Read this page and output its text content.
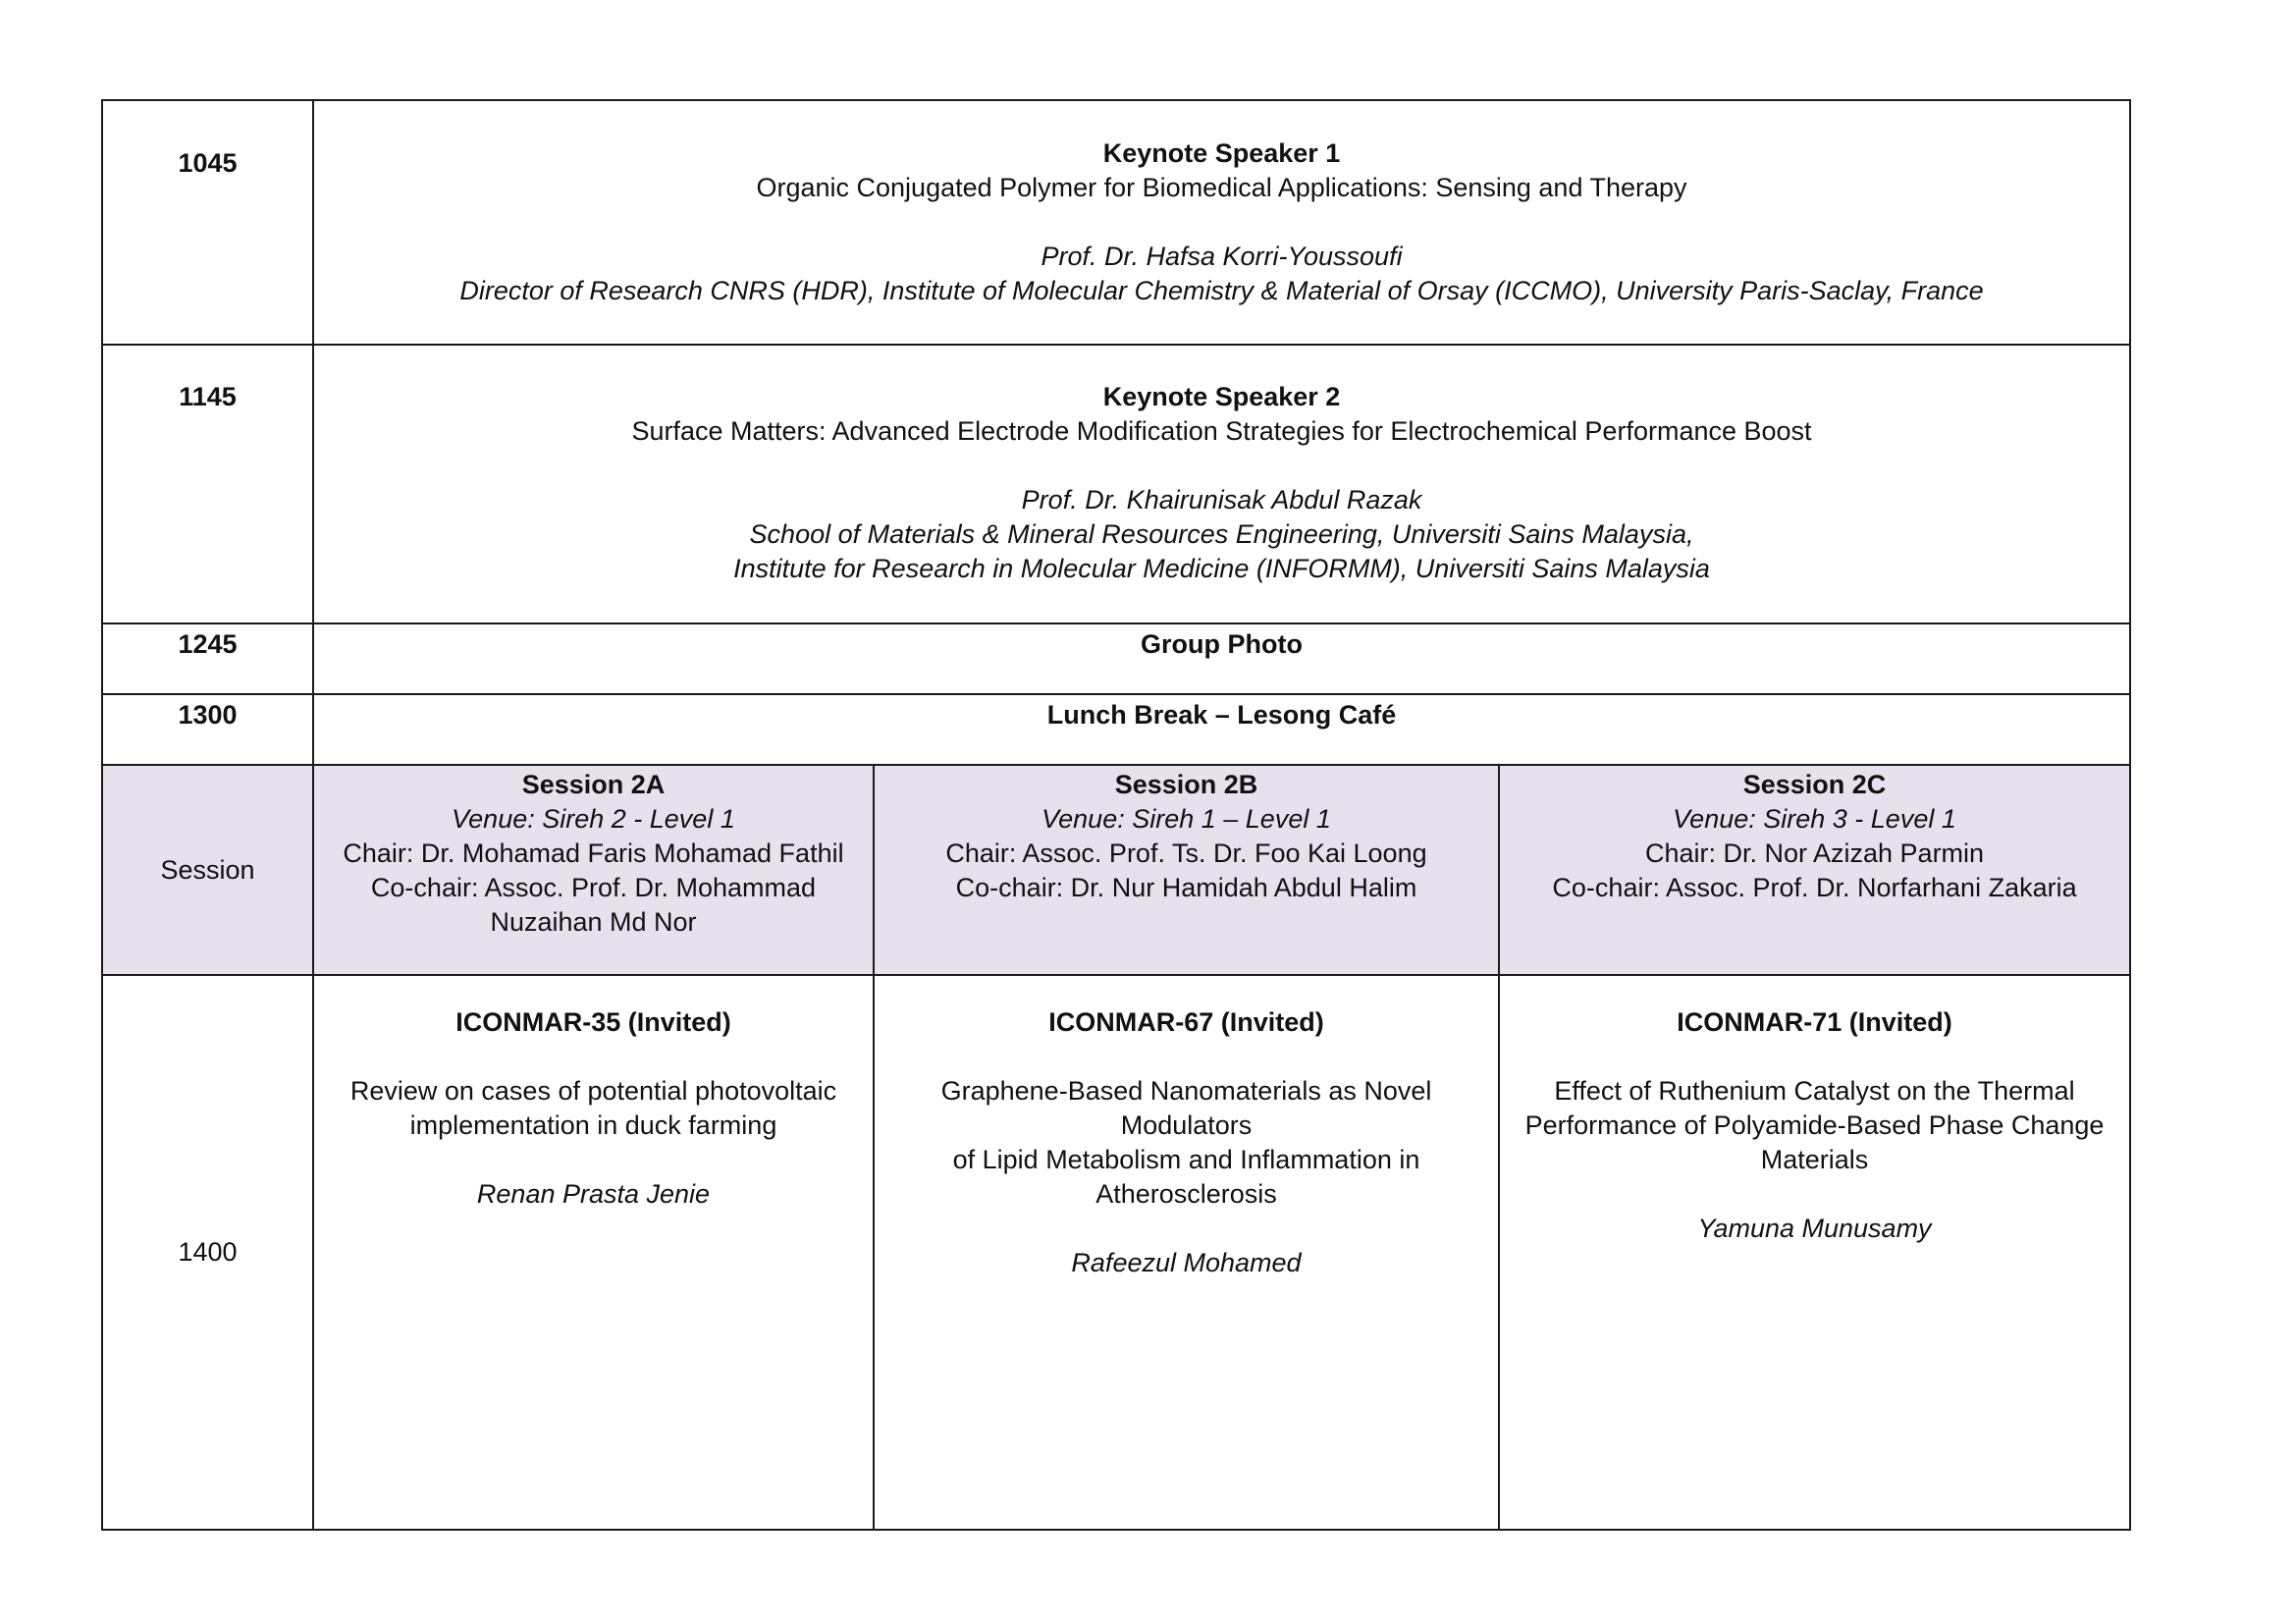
1045	Keynote Speaker 1
Organic Conjugated Polymer for Biomedical Applications: Sensing and Therapy
Prof. Dr. Hafsa Korri-Youssoufi
Director of Research CNRS (HDR), Institute of Molecular Chemistry & Material of Orsay (ICCMO), University Paris-Saclay, France		

1145	Keynote Speaker 2
Surface Matters: Advanced Electrode Modification Strategies for Electrochemical Performance Boost
Prof. Dr. Khairunisak Abdul Razak
School of Materials & Mineral Resources Engineering, Universiti Sains Malaysia,
Institute for Research in Molecular Medicine (INFORMM), Universiti Sains Malaysia		

1245	Group Photo		

1300	Lunch Break – Lesong Café		
Session	Session 2A
Venue: Sireh 2 - Level 1
Chair: Dr. Mohamad Faris Mohamad Fathil
Co-chair: Assoc. Prof. Dr. Mohammad
Nuzaihan Md Nor	Session 2B
Venue: Sireh 1 – Level 1
Chair: Assoc. Prof. Ts. Dr. Foo Kai Loong
Co-chair: Dr. Nur Hamidah Abdul Halim	Session 2C
Venue: Sireh 3 - Level 1
Chair: Dr. Nor Azizah Parmin
Co-chair: Assoc. Prof. Dr. Norfarhani Zakaria

1400	ICONMAR-35 (Invited)
Review on cases of potential photovoltaic
implementation in duck farming
Renan Prasta Jenie	ICONMAR-67 (Invited)
Graphene-Based Nanomaterials as Novel Modulators
of Lipid Metabolism and Inflammation in
Atherosclerosis
Rafeezul Mohamed	ICONMAR-71 (Invited)
Effect of Ruthenium Catalyst on the Thermal
Performance of Polyamide-Based Phase Change
Materials
Yamuna Munusamy
